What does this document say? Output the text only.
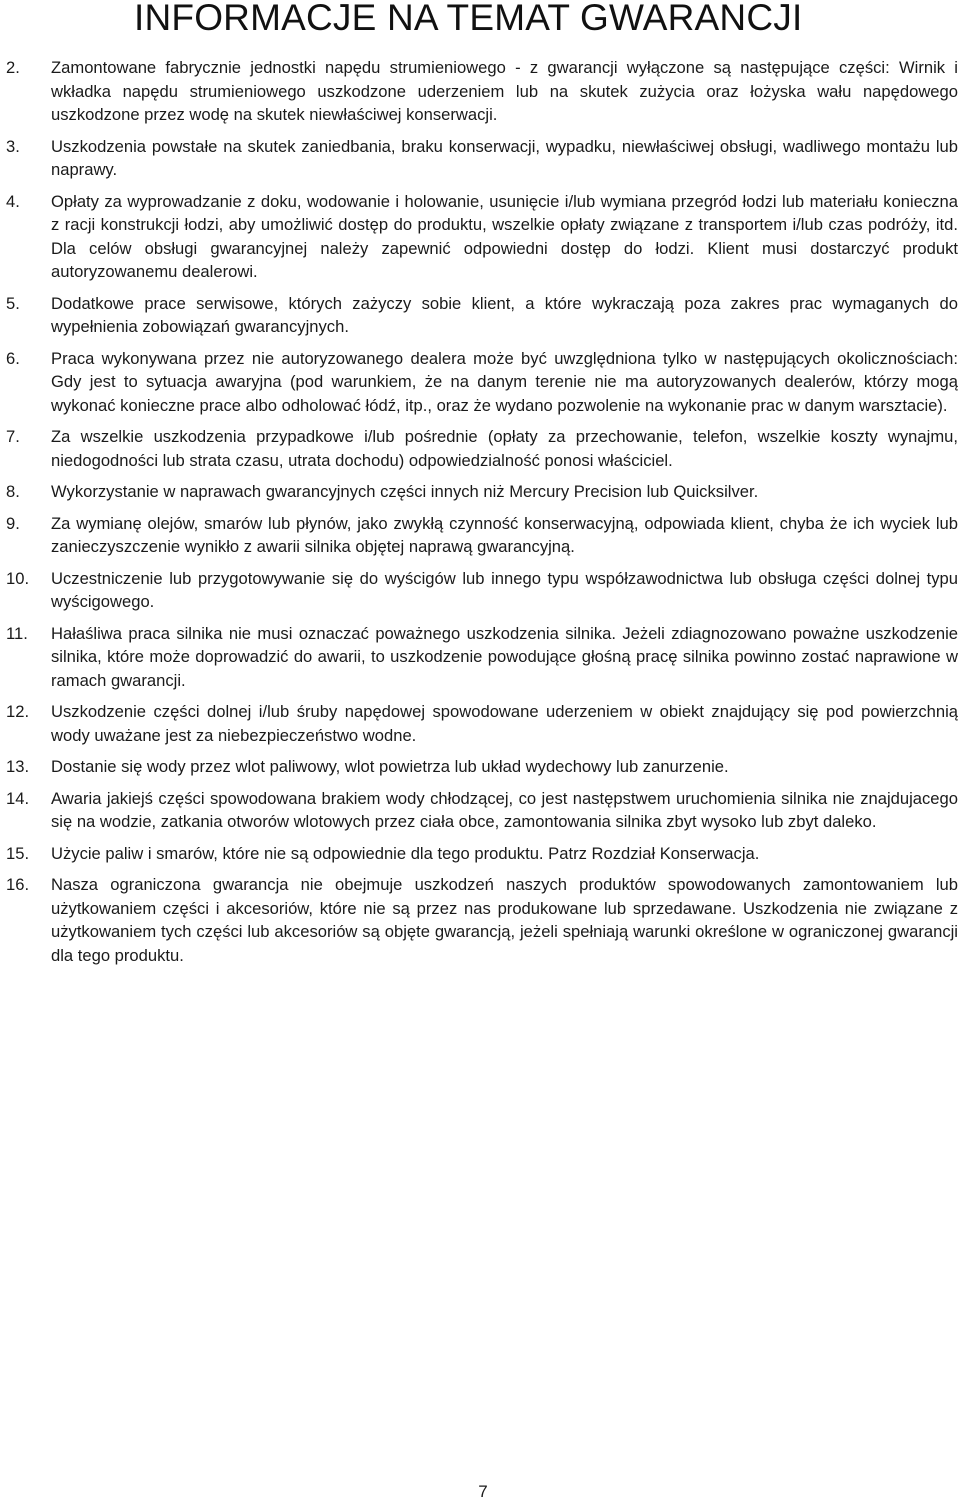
INFORMACJE NA TEMAT GWARANCJI
2. Zamontowane fabrycznie jednostki napędu strumieniowego - z gwarancji wyłączone są następujące części: Wirnik i wkładka napędu strumieniowego uszkodzone uderzeniem lub na skutek zużycia oraz łożyska wału napędowego uszkodzone przez wodę na skutek niewłaściwej konserwacji.
3. Uszkodzenia powstałe na skutek zaniedbania, braku konserwacji, wypadku, niewłaściwej obsługi, wadliwego montażu lub naprawy.
4. Opłaty za wyprowadzanie z doku, wodowanie i holowanie, usunięcie i/lub wymiana przegród łodzi lub materiału konieczna z racji konstrukcji łodzi, aby umożliwić dostęp do produktu, wszelkie opłaty związane z transportem i/lub czas podróży, itd. Dla celów obsługi gwarancyjnej należy zapewnić odpowiedni dostęp do łodzi. Klient musi dostarczyć produkt autoryzowanemu dealerowi.
5. Dodatkowe prace serwisowe, których zażyczy sobie klient, a które wykraczają poza zakres prac wymaganych do wypełnienia zobowiązań gwarancyjnych.
6. Praca wykonywana przez nie autoryzowanego dealera może być uwzględniona tylko w następujących okolicznościach: Gdy jest to sytuacja awaryjna (pod warunkiem, że na danym terenie nie ma autoryzowanych dealerów, którzy mogą wykonać konieczne prace albo odholować łódź, itp., oraz że wydano pozwolenie na wykonanie prac w danym warsztacie).
7. Za wszelkie uszkodzenia przypadkowe i/lub pośrednie (opłaty za przechowanie, telefon, wszelkie koszty wynajmu, niedogodności lub strata czasu, utrata dochodu) odpowiedzialność ponosi właściciel.
8. Wykorzystanie w naprawach gwarancyjnych części innych niż Mercury Precision lub Quicksilver.
9. Za wymianę olejów, smarów lub płynów, jako zwykłą czynność konserwacyjną, odpowiada klient, chyba że ich wyciek lub zanieczyszczenie wynikło z awarii silnika objętej naprawą gwarancyjną.
10. Uczestniczenie lub przygotowywanie się do wyścigów lub innego typu współzawodnictwa lub obsługa części dolnej typu wyścigowego.
11. Hałaśliwa praca silnika nie musi oznaczać poważnego uszkodzenia silnika. Jeżeli zdiagnozowano poważne uszkodzenie silnika, które może doprowadzić do awarii, to uszkodzenie powodujące głośną pracę silnika powinno zostać naprawione w ramach gwarancji.
12. Uszkodzenie części dolnej i/lub śruby napędowej spowodowane uderzeniem w obiekt znajdujący się pod powierzchnią wody uważane jest za niebezpieczeństwo wodne.
13. Dostanie się wody przez wlot paliwowy, wlot powietrza lub układ wydechowy lub zanurzenie.
14. Awaria jakiejś części spowodowana brakiem wody chłodzącej, co jest następstwem uruchomienia silnika nie znajdujacego się na wodzie, zatkania otworów wlotowych przez ciała obce, zamontowania silnika zbyt wysoko lub zbyt daleko.
15. Użycie paliw i smarów, które nie są odpowiednie dla tego produktu. Patrz Rozdział Konserwacja.
16. Nasza ograniczona gwarancja nie obejmuje uszkodzeń naszych produktów spowodowanych zamontowaniem lub użytkowaniem części i akcesoriów, które nie są przez nas produkowane lub sprzedawane. Uszkodzenia nie związane z użytkowaniem tych części lub akcesoriów są objęte gwarancją, jeżeli spełniają warunki określone w ograniczonej gwarancji dla tego produktu.
7
